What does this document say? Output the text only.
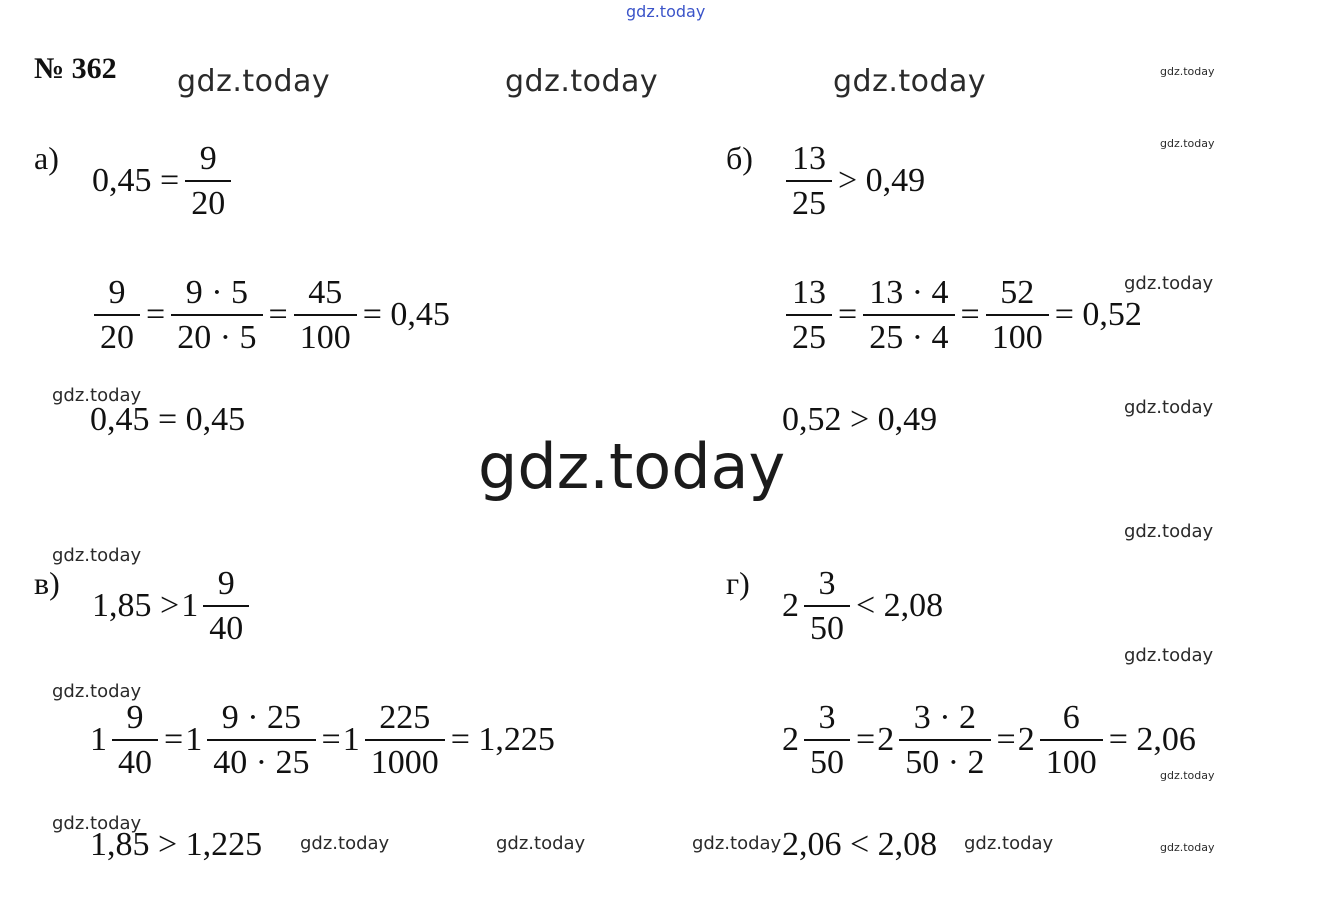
gdz.today
gdz.today	gdz.today	gdz.today	gdz.today
gdz.today
gdz.today
gdz.today
gdz.today
gdz.today
gdz.today
gdz.today
gdz.today
gdz.today
gdz.today
gdz.today
gdz.today	gdz.today	gdz.today	gdz.today	gdz.today
№ 362
а)
$0,45 = \frac{9}{20}$
$\frac{9}{20} = \frac{9 \cdot 5}{20 \cdot 5} = \frac{45}{100} = 0,45$
0,45 = 0,45
$б) \frac{13}{25} > 0,49$
$\frac{13}{25} = \frac{13 \cdot 4}{25 \cdot 4} = \frac{52}{100} = 0,52$
0,52 > 0,49
в)
$1,85 > 1 \frac{9}{40}$
$1 \frac{9}{40} = 1 \frac{9 \cdot 25}{40 \cdot 25} = 1 \frac{225}{1000} = 1,225$
1,85 > 1,225
г)
$2 \frac{3}{50} < 2,08$
$2 \frac{3}{50} = 2 \frac{3 \cdot 2}{50 \cdot 2} = 2 \frac{6}{100} = 2,06$
2,06 < 2,08
